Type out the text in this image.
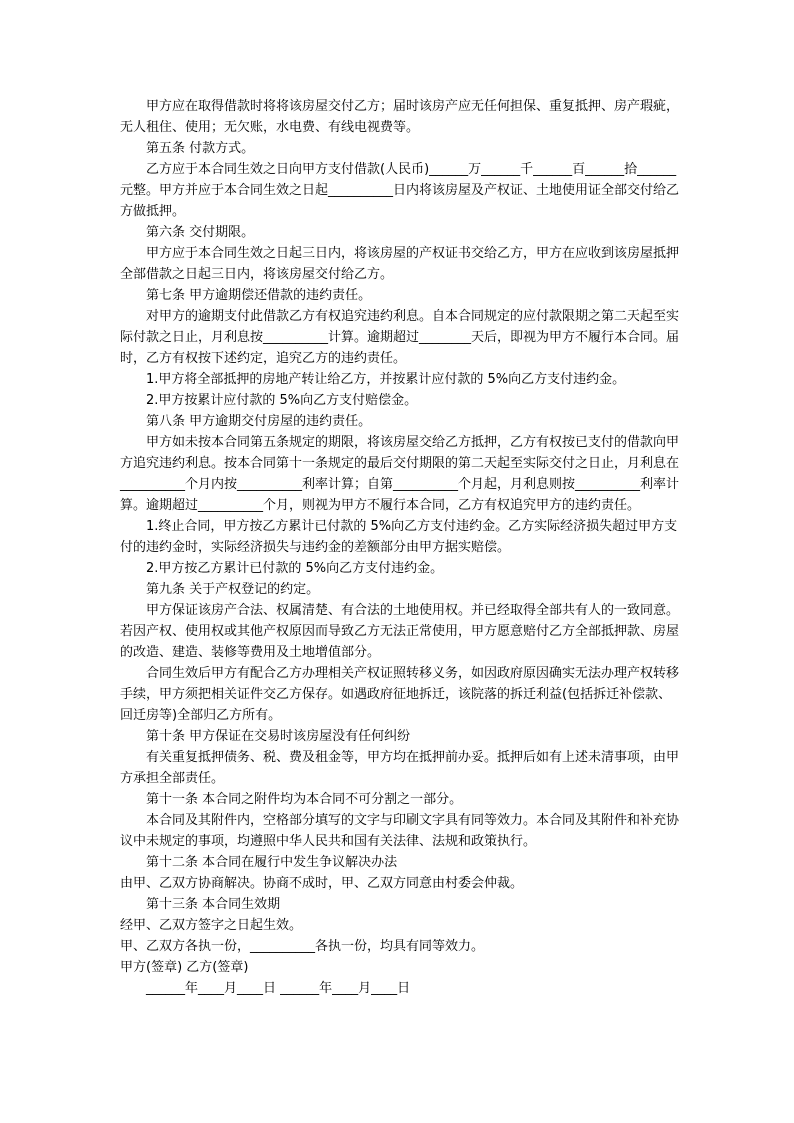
甲方应在取得借款时将将该房屋交付乙方；届时该房产应无任何担保、重复抵押、房产瑕疵，无人租住、使用；无欠账，水电费、有线电视费等。

第五条 付款方式。

乙方应于本合同生效之日向甲方支付借款(人民币)______万______千______百______拾______元整。甲方并应于本合同生效之日起__________日内将该房屋及产权证、土地使用证全部交付给乙方做抵押。

第六条 交付期限。

甲方应于本合同生效之日起三日内，将该房屋的产权证书交给乙方，甲方在应收到该房屋抵押全部借款之日起三日内，将该房屋交付给乙方。

第七条 甲方逾期偿还借款的违约责任。

对甲方的逾期支付此借款乙方有权追究违约利息。自本合同规定的应付款限期之第二天起至实际付款之日止，月利息按__________计算。逾期超过________天后，即视为甲方不履行本合同。届时，乙方有权按下述约定，追究乙方的违约责任。

1.甲方将全部抵押的房地产转让给乙方，并按累计应付款的 5%向乙方支付违约金。

2.甲方按累计应付款的 5%向乙方支付赔偿金。

第八条 甲方逾期交付房屋的违约责任。

甲方如未按本合同第五条规定的期限，将该房屋交给乙方抵押，乙方有权按已支付的借款向甲方追究违约利息。按本合同第十一条规定的最后交付期限的第二天起至实际交付之日止，月利息在__________个月内按__________利率计算；自第__________个月起，月利息则按__________利率计算。逾期超过__________个月，则视为甲方不履行本合同，乙方有权追究甲方的违约责任。

1.终止合同，甲方按乙方累计已付款的 5%向乙方支付违约金。乙方实际经济损失超过甲方支付的违约金时，实际经济损失与违约金的差额部分由甲方据实赔偿。

2.甲方按乙方累计已付款的 5%向乙方支付违约金。

第九条 关于产权登记的约定。

甲方保证该房产合法、权属清楚、有合法的土地使用权。并已经取得全部共有人的一致同意。若因产权、使用权或其他产权原因而导致乙方无法正常使用，甲方愿意赔付乙方全部抵押款、房屋的改造、建造、装修等费用及土地增值部分。

合同生效后甲方有配合乙方办理相关产权证照转移义务，如因政府原因确实无法办理产权转移手续，甲方须把相关证件交乙方保存。如遇政府征地拆迁，该院落的拆迁利益(包括拆迁补偿款、回迁房等)全部归乙方所有。

第十条 甲方保证在交易时该房屋没有任何纠纷

有关重复抵押债务、税、费及租金等，甲方均在抵押前办妥。抵押后如有上述未清事项，由甲方承担全部责任。

第十一条 本合同之附件均为本合同不可分割之一部分。

本合同及其附件内，空格部分填写的文字与印刷文字具有同等效力。本合同及其附件和补充协议中未规定的事项，均遵照中华人民共和国有关法律、法规和政策执行。

第十二条 本合同在履行中发生争议解决办法

由甲、乙双方协商解决。协商不成时，甲、乙双方同意由村委会仲裁。

第十三条 本合同生效期

经甲、乙双方签字之日起生效。

甲、乙双方各执一份，__________各执一份，均具有同等效力。

甲方(签章) 乙方(签章)

______年____月____日 ______年____月____日
